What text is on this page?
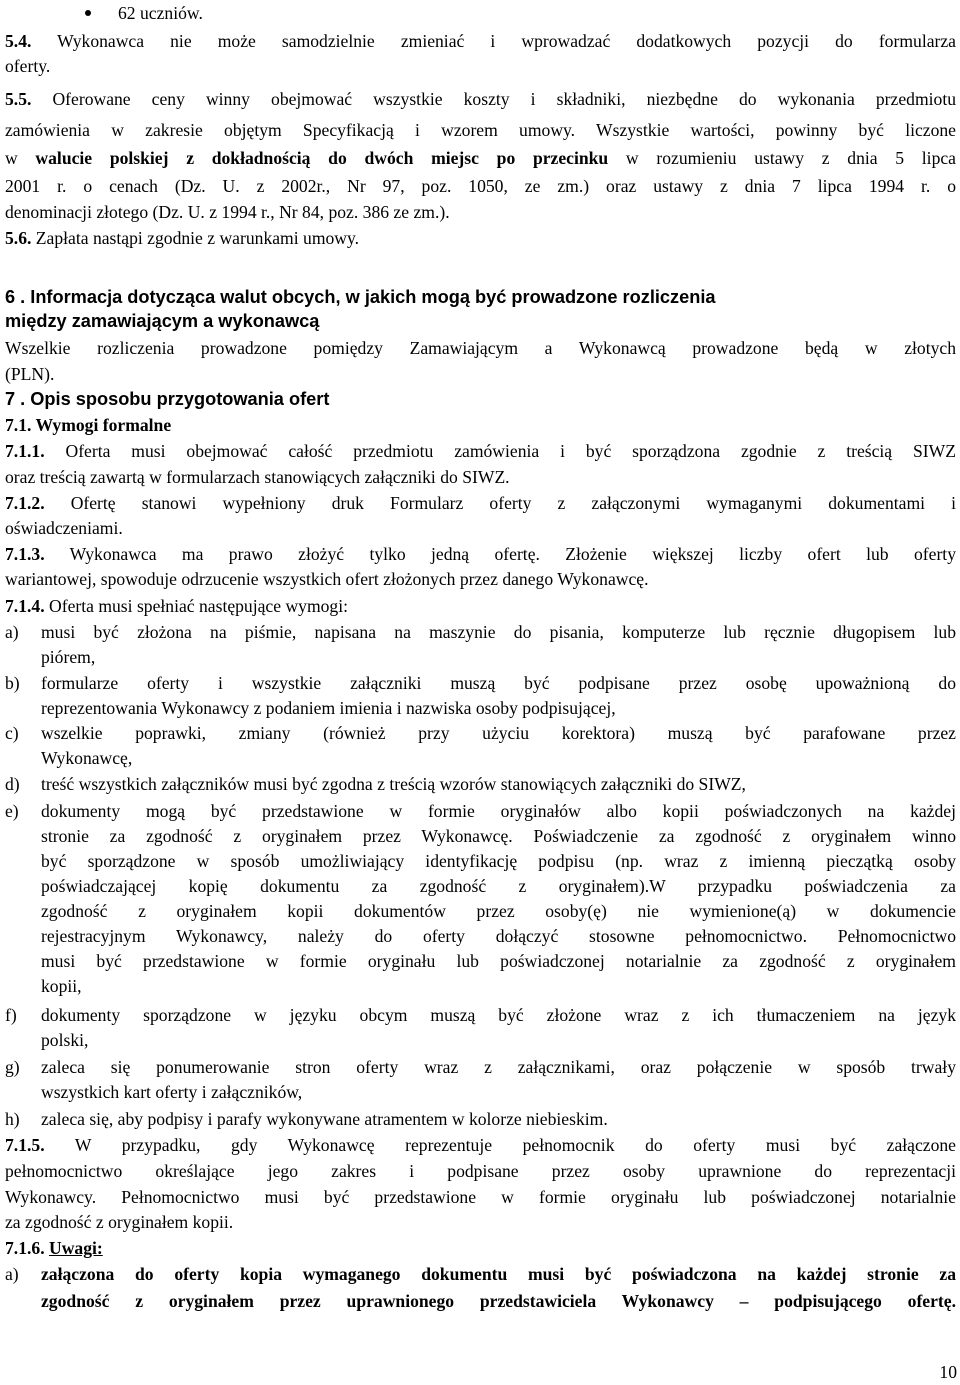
62 uczniów.
5.4. Wykonawca nie może samodzielnie zmieniać i wprowadzać dodatkowych pozycji do formularza
oferty.
5.5. Oferowane ceny winny obejmować wszystkie koszty i składniki, niezbędne do wykonania przedmiotu
zamówienia w zakresie objętym Specyfikacją i wzorem umowy. Wszystkie wartości, powinny być liczone
w walucie polskiej z dokładnością do dwóch miejsc po przecinku w rozumieniu ustawy z dnia 5 lipca
2001 r. o cenach (Dz. U. z 2002r., Nr 97, poz. 1050, ze zm.) oraz ustawy z dnia 7 lipca 1994 r. o
denominacji złotego (Dz. U. z 1994 r., Nr 84, poz. 386 ze zm.).
5.6. Zapłata nastąpi zgodnie z warunkami umowy.
6 . Informacja dotycząca walut obcych, w jakich mogą być prowadzone rozliczenia
między zamawiającym a wykonawcą
Wszelkie rozliczenia prowadzone pomiędzy Zamawiającym a Wykonawcą prowadzone będą w złotych
(PLN).
7 . Opis sposobu przygotowania ofert
7.1. Wymogi formalne
7.1.1. Oferta musi obejmować całość przedmiotu zamówienia i być sporządzona zgodnie z treścią SIWZ
oraz treścią zawartą w formularzach stanowiących załączniki do SIWZ.
7.1.2. Ofertę stanowi wypełniony druk Formularz oferty z załączonymi wymaganymi dokumentami i
oświadczeniami.
7.1.3. Wykonawca ma prawo złożyć tylko jedną ofertę. Złożenie większej liczby ofert lub oferty
wariantowej, spowoduje odrzucenie wszystkich ofert złożonych przez danego Wykonawcę.
7.1.4. Oferta musi spełniać następujące wymogi:
a)	musi być złożona na piśmie, napisana na maszynie do pisania, komputerze lub ręcznie długopisem lub
piórem,
b)	formularze oferty i wszystkie załączniki muszą być podpisane przez osobę upoważnioną do
reprezentowania Wykonawcy z podaniem imienia i nazwiska osoby podpisującej,
c)	wszelkie poprawki, zmiany (również przy użyciu korektora) muszą być parafowane przez
Wykonawcę,
d)	treść wszystkich załączników musi być zgodna z treścią wzorów stanowiących załączniki do SIWZ,
e)	dokumenty mogą być przedstawione w formie oryginałów albo kopii poświadczonych na każdej
stronie za zgodność z oryginałem przez Wykonawcę. Poświadczenie za zgodność z oryginałem winno
być sporządzone w sposób umożliwiający identyfikację podpisu (np. wraz z imienną pieczątką osoby
poświadczającej kopię dokumentu za zgodność z oryginałem).W przypadku poświadczenia za
zgodność z oryginałem kopii dokumentów przez osoby(ę) nie wymienione(ą) w dokumencie
rejestracyjnym Wykonawcy, należy do oferty dołączyć stosowne pełnomocnictwo. Pełnomocnictwo
musi być przedstawione w formie oryginału lub poświadczonej notarialnie za zgodność z oryginałem
kopii,
f)	dokumenty sporządzone w języku obcym muszą być złożone wraz z ich tłumaczeniem na język
polski,
g)	zaleca się ponumerowanie stron oferty wraz z załącznikami, oraz połączenie w sposób trwały
wszystkich kart oferty i załączników,
h)	zaleca się, aby podpisy i parafy wykonywane atramentem w kolorze niebieskim.
7.1.5. W przypadku, gdy Wykonawcę reprezentuje pełnomocnik do oferty musi być załączone
pełnomocnictwo określające jego zakres i podpisane przez osoby uprawnione do reprezentacji
Wykonawcy. Pełnomocnictwo musi być przedstawione w formie oryginału lub poświadczonej notarialnie
za zgodność z oryginałem kopii.
7.1.6. Uwagi:
a)	załączona do oferty kopia wymaganego dokumentu musi być poświadczona na każdej stronie za
zgodność z oryginałem przez uprawnionego przedstawiciela Wykonawcy – podpisującego ofertę.
10
